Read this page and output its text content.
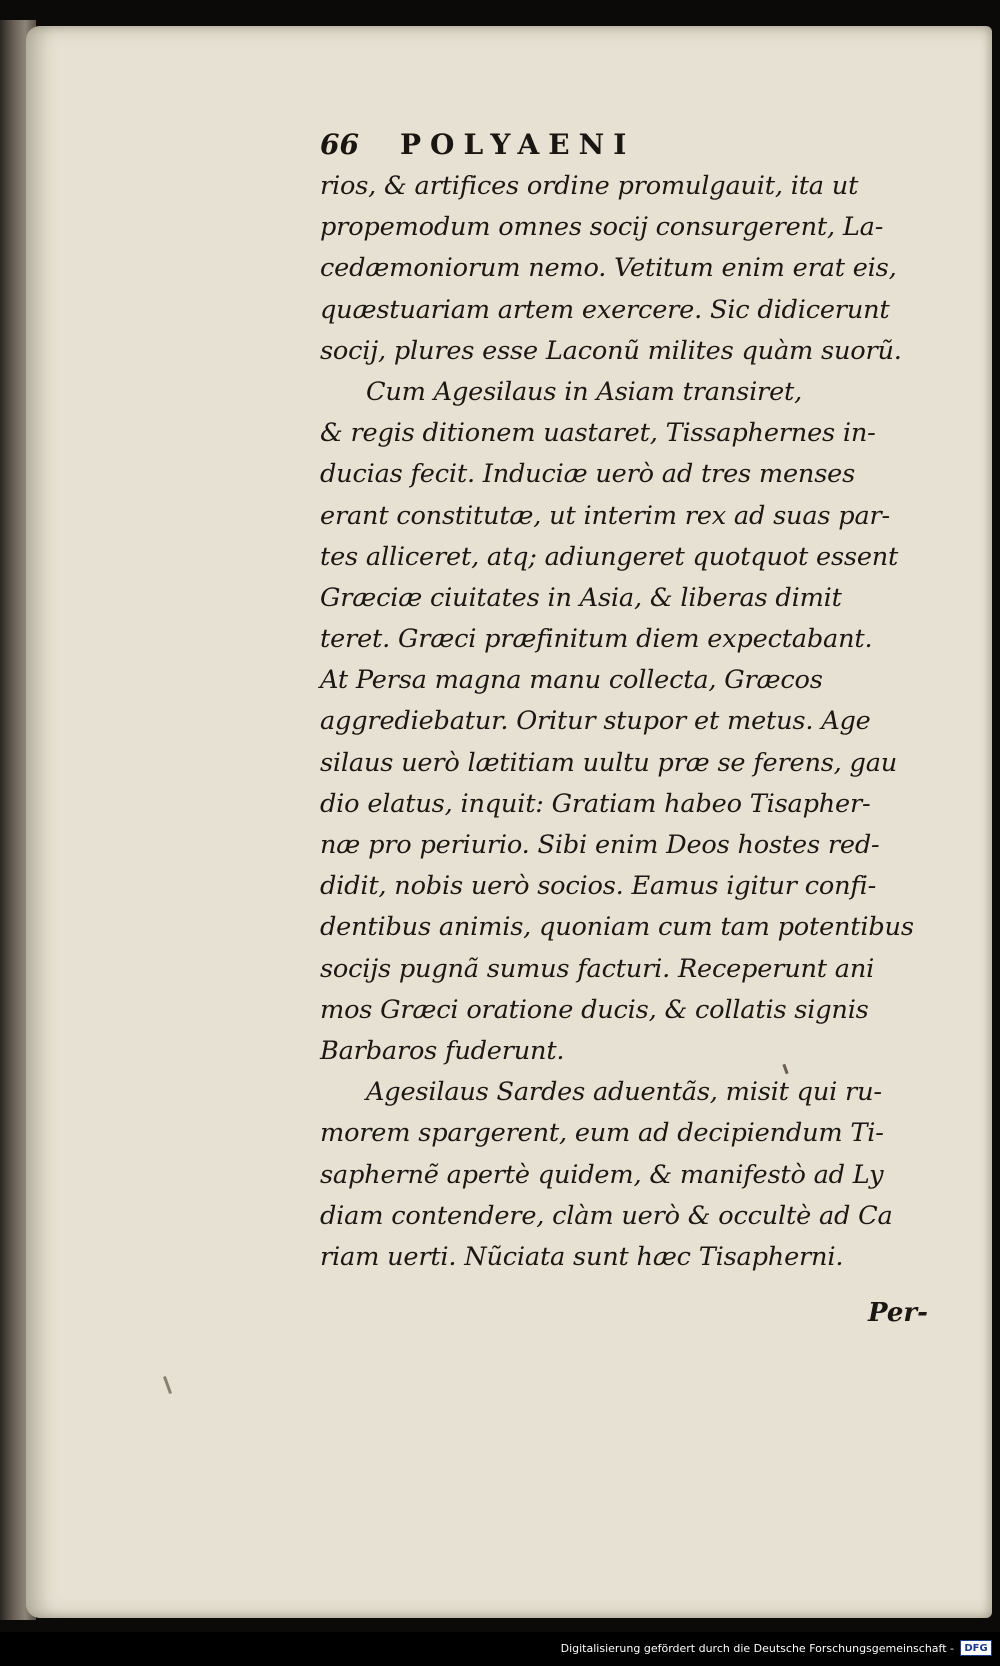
66 POLYAENI
rios, & artifices ordine promulgauit, ita ut
propemodum omnes socij consurgerent, La-
cedæmoniorum nemo. Vetitum enim erat eis,
quæstuariam artem exercere. Sic didicerunt
socij, plures esse Laconũ milites quàm suorũ.
Cum Agesilaus in Asiam transiret,
& regis ditionem uastaret, Tissaphernes in-
ducias fecit. Induciæ uerò ad tres menses
erant constitutæ, ut interim rex ad suas par-
tes alliceret, atq; adiungeret quotquot essent
Græciæ ciuitates in Asia, & liberas dimit
teret. Græci præfinitum diem expectabant.
At Persa magna manu collecta, Græcos
aggrediebatur. Oritur stupor et metus. Age
silaus uerò lætitiam uultu præ se ferens, gau
dio elatus, inquit: Gratiam habeo Tisapher-
næ pro periurio. Sibi enim Deos hostes red-
didit, nobis uerò socios. Eamus igitur confi-
dentibus animis, quoniam cum tam potentibus
socijs pugnã sumus facturi. Receperunt ani
mos Græci oratione ducis, & collatis signis
Barbaros fuderunt.
Agesilaus Sardes aduentãs, misit qui ru-
morem spargerent, eum ad decipiendum Ti-
saphernẽ apertè quidem, & manifestò ad Ly
diam contendere, clàm uerò & occultè ad Ca
riam uerti. Nũciata sunt hæc Tisapherni.
Per-
Digitalisierung gefördert durch die Deutsche Forschungsgemeinschaft -	DFG
